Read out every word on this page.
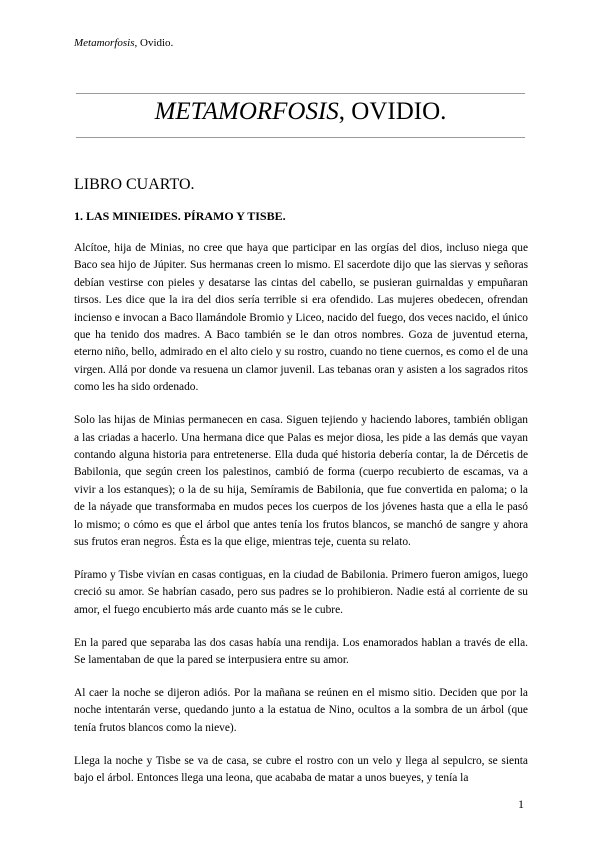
Metamorfosis, Ovidio.
METAMORFOSIS, OVIDIO.
LIBRO CUARTO.
1. LAS MINIEIDES. PÍRAMO Y TISBE.

Alcítoe, hija de Minias, no cree que haya que participar en las orgías del dios, incluso niega que Baco sea hijo de Júpiter. Sus hermanas creen lo mismo. El sacerdote dijo que las siervas y señoras debían vestirse con pieles y desatarse las cintas del cabello, se pusieran guirnaldas y empuñaran tirsos. Les dice que la ira del dios sería terrible si era ofendido. Las mujeres obedecen, ofrendan incienso e invocan a Baco llamándole Bromio y Liceo, nacido del fuego, dos veces nacido, el único que ha tenido dos madres. A Baco también se le dan otros nombres. Goza de juventud eterna, eterno niño, bello, admirado en el alto cielo y su rostro, cuando no tiene cuernos, es como el de una virgen. Allá por donde va resuena un clamor juvenil. Las tebanas oran y asisten a los sagrados ritos como les ha sido ordenado.

Solo las hijas de Minias permanecen en casa. Siguen tejiendo y haciendo labores, también obligan a las criadas a hacerlo. Una hermana dice que Palas es mejor diosa, les pide a las demás que vayan contando alguna historia para entretenerse. Ella duda qué historia debería contar, la de Dércetis de Babilonia, que según creen los palestinos, cambió de forma (cuerpo recubierto de escamas, va a vivir a los estanques); o la de su hija, Semíramis de Babilonia, que fue convertida en paloma; o la de la náyade que transformaba en mudos peces los cuerpos de los jóvenes hasta que a ella le pasó lo mismo; o cómo es que el árbol que antes tenía los frutos blancos, se manchó de sangre y ahora sus frutos eran negros. Ésta es la que elige, mientras teje, cuenta su relato.

Píramo y Tisbe vivían en casas contiguas, en la ciudad de Babilonia. Primero fueron amigos, luego creció su amor. Se habrían casado, pero sus padres se lo prohibieron. Nadie está al corriente de su amor, el fuego encubierto más arde cuanto más se le cubre.

En la pared que separaba las dos casas había una rendija. Los enamorados hablan a través de ella. Se lamentaban de que la pared se interpusiera entre su amor.

Al caer la noche se dijeron adiós. Por la mañana se reúnen en el mismo sitio. Deciden que por la noche intentarán verse, quedando junto a la estatua de Nino, ocultos a la sombra de un árbol (que tenía frutos blancos como la nieve).

Llega la noche y Tisbe se va de casa, se cubre el rostro con un velo y llega al sepulcro, se sienta bajo el árbol. Entonces llega una leona, que acababa de matar a unos bueyes, y tenía la

1
